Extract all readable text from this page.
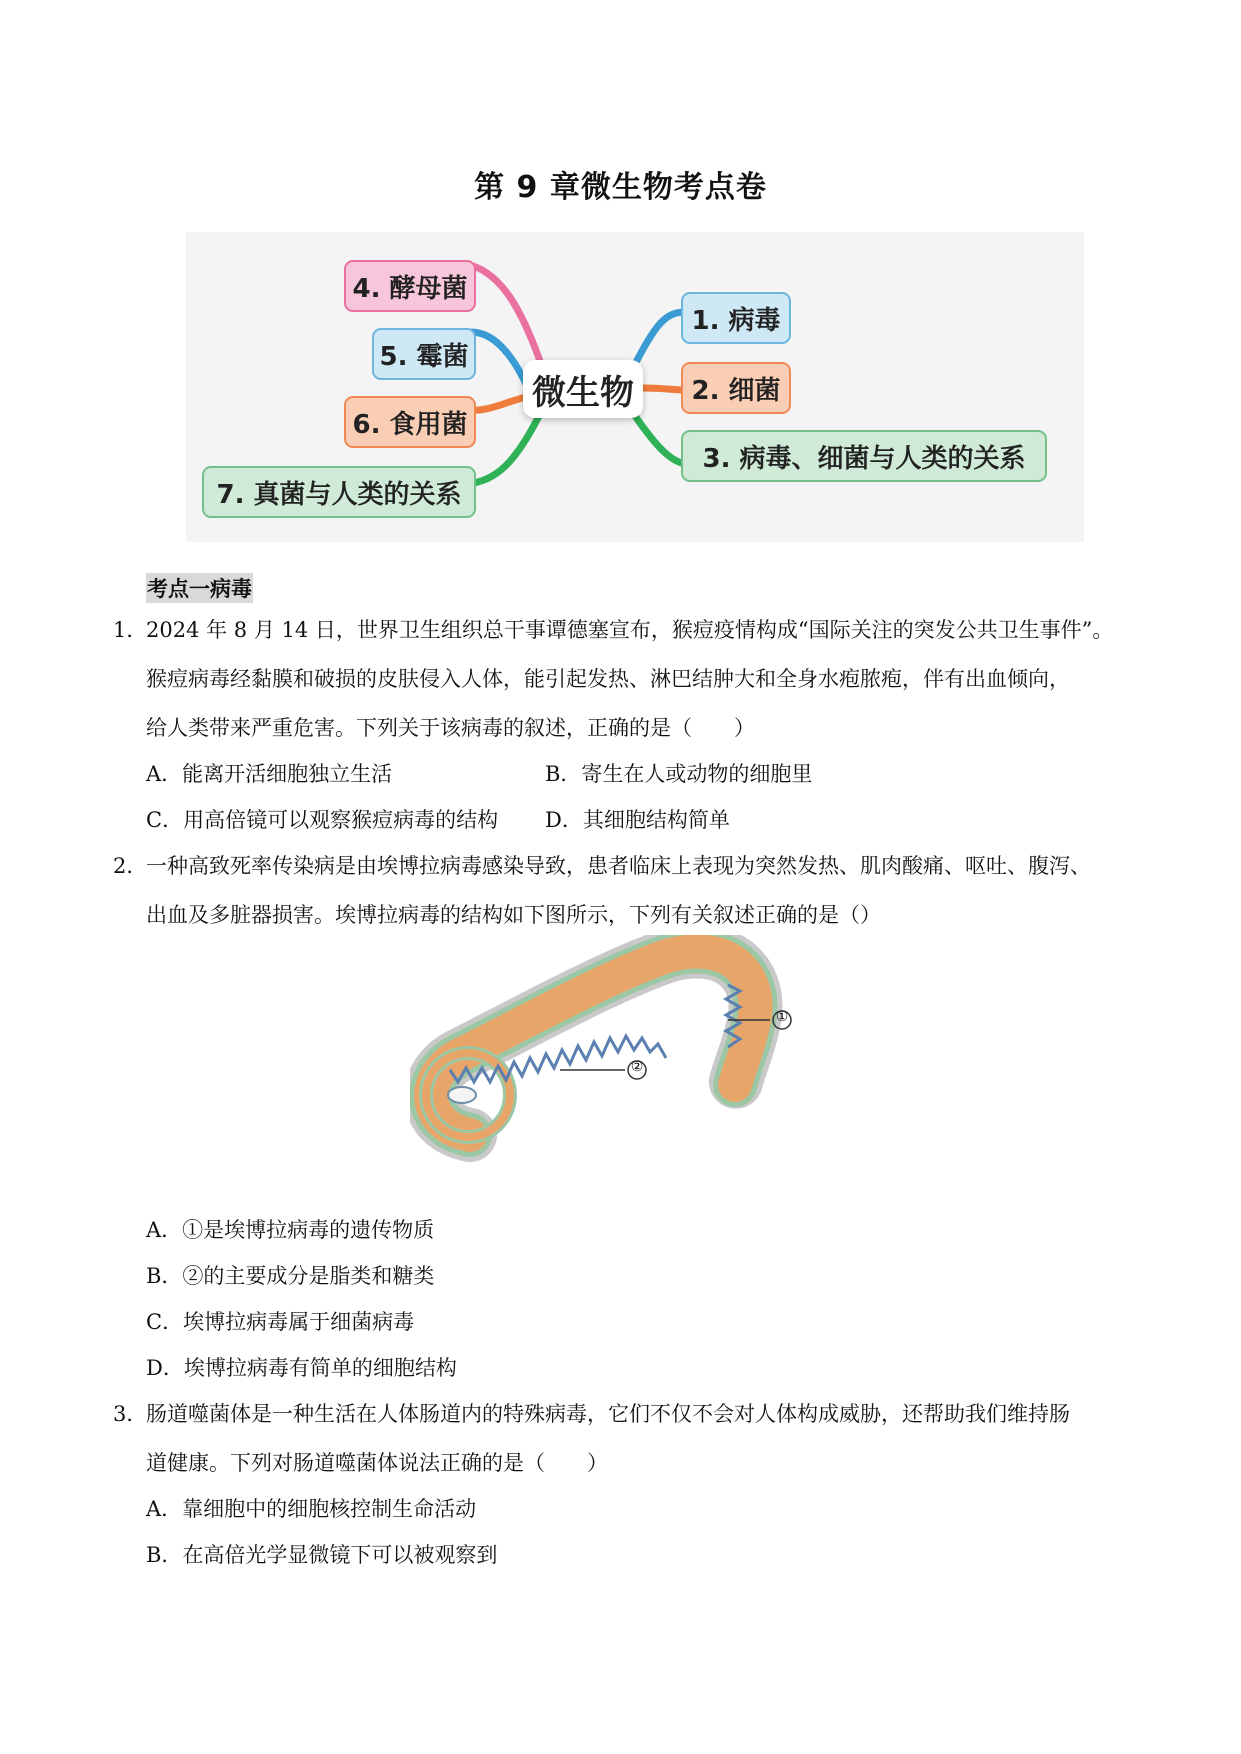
第 9 章微生物考点卷
4. 酵母菌
5. 霉菌
6. 食用菌
7. 真菌与人类的关系
微生物
1. 病毒
2. 细菌
3. 病毒、细菌与人类的关系
考点一病毒
1．
2024 年 8 月 14 日，世界卫生组织总干事谭德塞宣布，猴痘疫情构成“国际关注的突发公共卫生事件”。
猴痘病毒经黏膜和破损的皮肤侵入人体，能引起发热、淋巴结肿大和全身水疱脓疱，伴有出血倾向，
给人类带来严重危害。下列关于该病毒的叙述，正确的是（　　）
A．能离开活细胞独立生活	B．寄生在人或动物的细胞里
C．用高倍镜可以观察猴痘病毒的结构 D．其细胞结构简单
2．
一种高致死率传染病是由埃博拉病毒感染导致，患者临床上表现为突然发热、肌肉酸痛、呕吐、腹泻、
出血及多脏器损害。埃博拉病毒的结构如下图所示，下列有关叙述正确的是（）
①
②
A．①是埃博拉病毒的遗传物质
B．②的主要成分是脂类和糖类
C．埃博拉病毒属于细菌病毒
D．埃博拉病毒有简单的细胞结构
3．
肠道噬菌体是一种生活在人体肠道内的特殊病毒，它们不仅不会对人体构成威胁，还帮助我们维持肠
道健康。下列对肠道噬菌体说法正确的是（　　）
A．靠细胞中的细胞核控制生命活动
B．在高倍光学显微镜下可以被观察到
